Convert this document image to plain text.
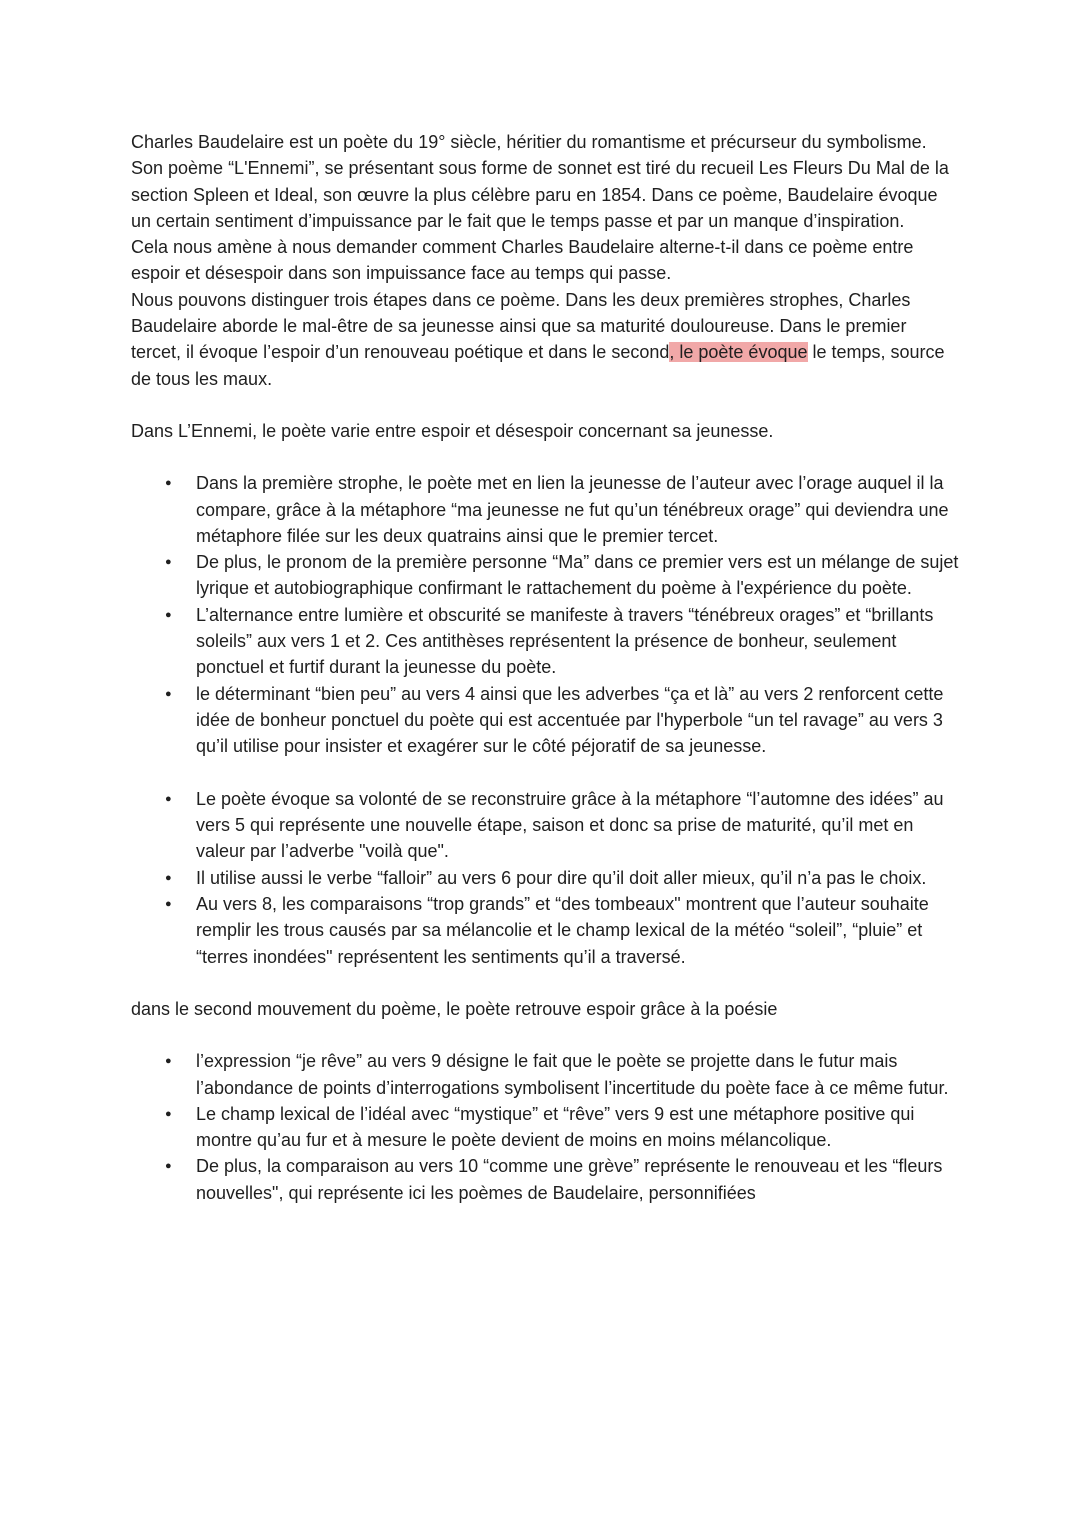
Charles Baudelaire est un poète du 19° siècle, héritier du romantisme et précurseur du symbolisme. Son poème “L'Ennemi”, se présentant sous forme de sonnet est tiré du recueil Les Fleurs Du Mal de la section Spleen et Ideal, son œuvre la plus célèbre paru en 1854. Dans ce poème, Baudelaire évoque un certain sentiment d’impuissance par le fait que le temps passe et par un manque d’inspiration.

Cela nous amène à nous demander comment Charles Baudelaire alterne-t-il dans ce poème entre espoir et désespoir dans son impuissance face au temps qui passe.

Nous pouvons distinguer trois étapes dans ce poème. Dans les deux premières strophes, Charles Baudelaire aborde le mal-être de sa jeunesse ainsi que sa maturité douloureuse. Dans le premier tercet, il évoque l’espoir d’un renouveau poétique et dans le second, le poète évoque le temps, source de tous les maux.

Dans L’Ennemi, le poète varie entre espoir et désespoir concernant sa jeunesse.
● Dans la première strophe, le poète met en lien la jeunesse de l’auteur avec l’orage auquel il la compare, grâce à la métaphore “ma jeunesse ne fut qu’un ténébreux orage” qui deviendra une métaphore filée sur les deux quatrains ainsi que le premier tercet.
● De plus, le pronom de la première personne “Ma” dans ce premier vers est un mélange de sujet lyrique et autobiographique confirmant le rattachement du poème à l'expérience du poète.
● L’alternance entre lumière et obscurité se manifeste à travers “ténébreux orages” et “brillants soleils” aux vers 1 et 2. Ces antithèses représentent la présence de bonheur, seulement ponctuel et furtif durant la jeunesse du poète.
● le déterminant “bien peu” au vers 4 ainsi que les adverbes “ça et là” au vers 2 renforcent cette idée de bonheur ponctuel du poète qui est accentuée par l'hyperbole “un tel ravage” au vers 3 qu’il utilise pour insister et exagérer sur le côté péjoratif de sa jeunesse.
● Le poète évoque sa volonté de se reconstruire grâce à la métaphore “l’automne des idées” au vers 5 qui représente une nouvelle étape, saison et donc sa prise de maturité, qu’il met en valeur par l’adverbe "voilà que".
● Il utilise aussi le verbe “falloir” au vers 6 pour dire qu’il doit aller mieux, qu’il n’a pas le choix.
● Au vers 8, les comparaisons “trop grands” et “des tombeaux" montrent que l’auteur souhaite remplir les trous causés par sa mélancolie et le champ lexical de la météo “soleil”, “pluie” et “terres inondées" représentent les sentiments qu’il a traversé.
dans le second mouvement du poème, le poète retrouve espoir grâce à la poésie
● l’expression “je rêve” au vers 9 désigne le fait que le poète se projette dans le futur mais l’abondance de points d’interrogations symbolisent l’incertitude du poète face à ce même futur.
● Le champ lexical de l’idéal avec “mystique” et “rêve” vers 9 est une métaphore positive qui montre qu’au fur et à mesure le poète devient de moins en moins mélancolique.
● De plus, la comparaison au vers 10 “comme une grève” représente le renouveau et les “fleurs nouvelles", qui représente ici les poèmes de Baudelaire, personnifiées
